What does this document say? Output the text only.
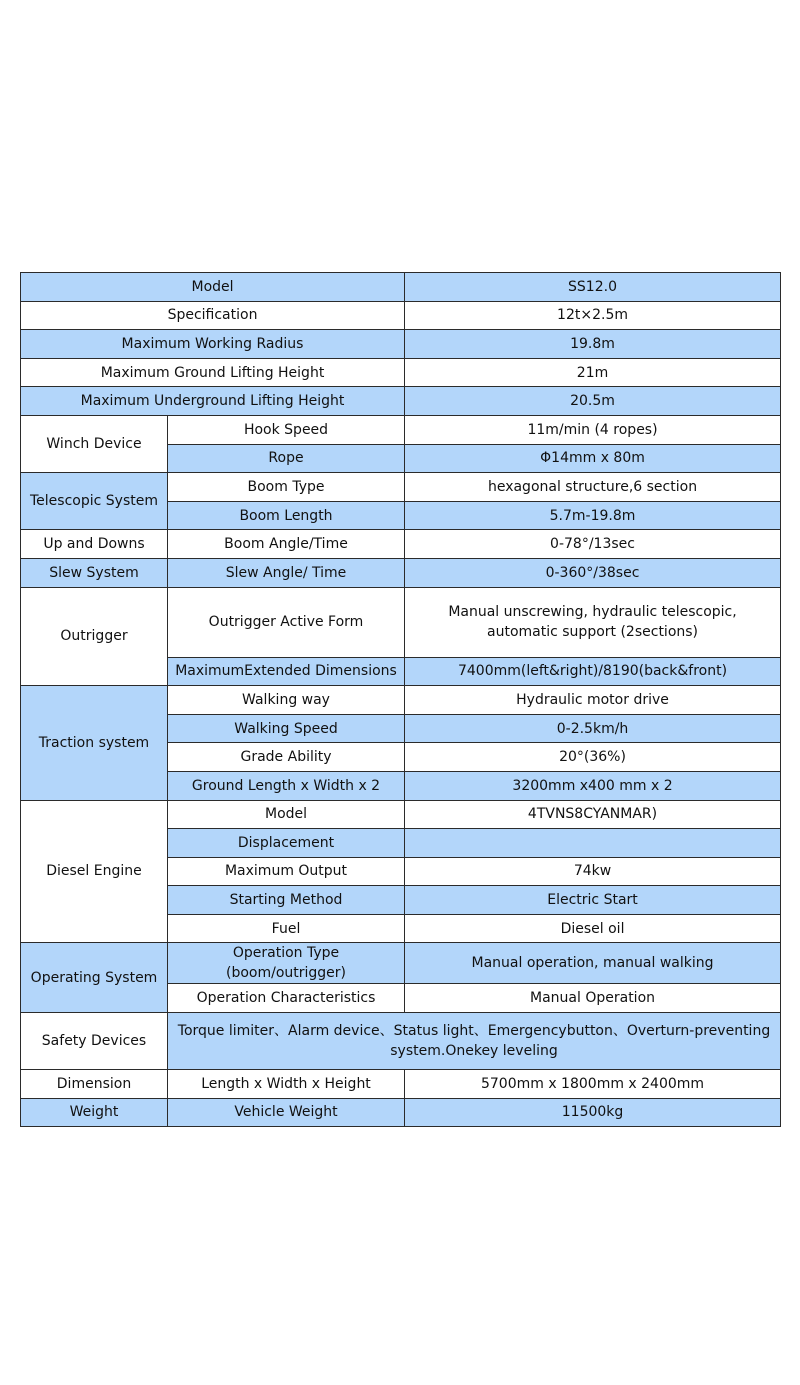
Model		SS12.0
Specification		12t×2.5m
Maximum Working Radius		19.8m
Maximum Ground Lifting Height		21m
Maximum Underground Lifting Height		20.5m
Winch Device	Hook Speed	11m/min (4 ropes)
	Rope	Φ14mm x 80m
Telescopic System	Boom Type	hexagonal structure,6 section
	Boom Length	5.7m-19.8m
Up and Downs	Boom Angle/Time	0-78°/13sec
Slew System	Slew Angle/ Time	0-360°/38sec
Outrigger	Outrigger Active Form	Manual unscrewing, hydraulic telescopic, automatic support (2sections)
	MaximumExtended Dimensions	7400mm(left&right)/8190(back&front)
Traction system	Walking way	Hydraulic motor drive
	Walking Speed	0-2.5km/h
	Grade Ability	20°(36%)
	Ground Length x Width x 2	3200mm x400 mm x 2
Diesel Engine	Model	4TVNS8CYANMAR)
	Displacement	
	Maximum Output	74kw
	Starting Method	Electric Start
	Fuel	Diesel oil
Operating System	Operation Type (boom/outrigger)	Manual operation, manual walking
	Operation Characteristics	Manual Operation
Safety Devices	Torque limiter、Alarm device、Status light、Emergencybutton、Overturn-preventing system.Onekey leveling	
Dimension	Length x Width x Height	5700mm x 1800mm x 2400mm
Weight	Vehicle Weight	11500kg
